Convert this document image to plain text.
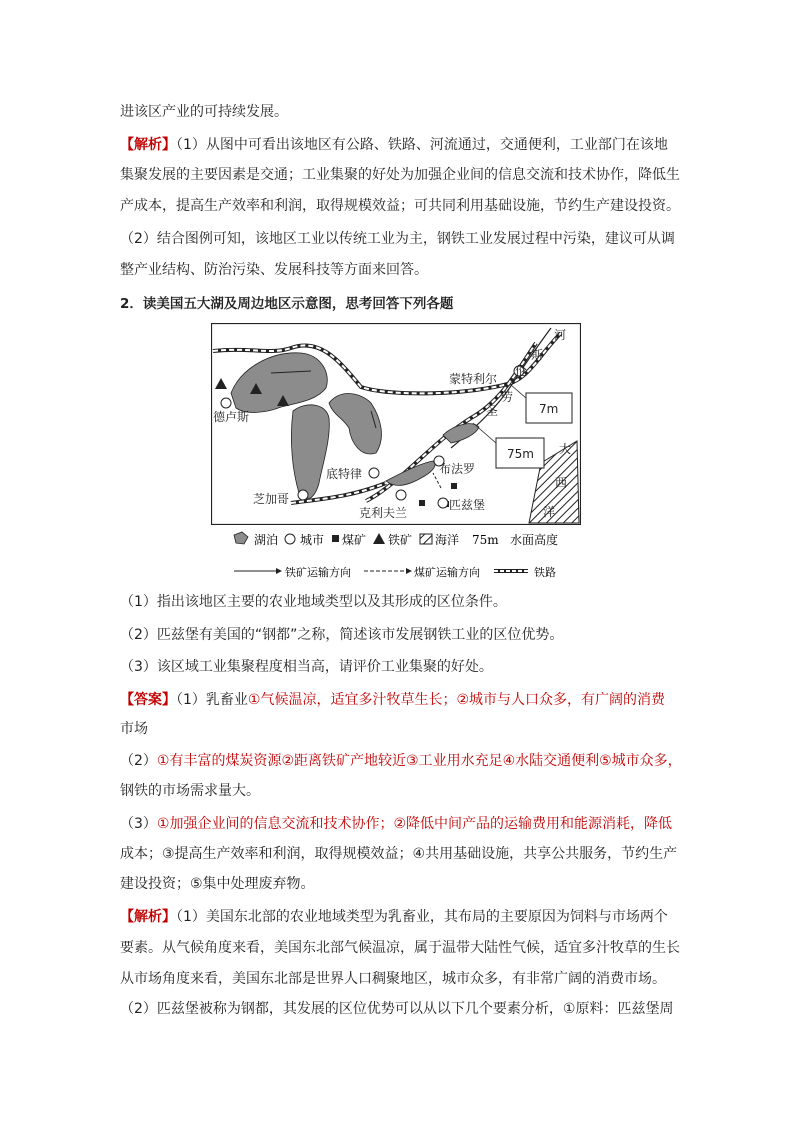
进该区产业的可持续发展。
【解析】（1）从图中可看出该地区有公路、铁路、河流通过，交通便利，工业部门在该地
集聚发展的主要因素是交通；工业集聚的好处为加强企业间的信息交流和技术协作，降低生
产成本，提高生产效率和利润，取得规模效益；可共同利用基础设施，节约生产建设投资。
（2）结合图例可知，该地区工业以传统工业为主，钢铁工业发展过程中污染，建议可从调
整产业结构、防治污染、发展科技等方面来回答。
2．读美国五大湖及周边地区示意图，思考回答下列各题
河
斯
伦
劳
圣
蒙特利尔
德卢斯
底特律	布法罗
芝加哥
克利夫兰
匹兹堡
大
西
洋
7m
75m
湖泊 城市 煤矿 铁矿 海洋 75m 水面高度
铁矿运输方向	煤矿运输方向	铁路
（1）指出该地区主要的农业地域类型以及其形成的区位条件。
（2）匹兹堡有美国的“钢都”之称，简述该市发展钢铁工业的区位优势。
（3）该区域工业集聚程度相当高，请评价工业集聚的好处。
【答案】（1）乳畜业①气候温凉，适宜多汁牧草生长；②城市与人口众多，有广阔的消费
市场
（2）①有丰富的煤炭资源②距离铁矿产地较近③工业用水充足④水陆交通便利⑤城市众多，
钢铁的市场需求量大。
（3）①加强企业间的信息交流和技术协作；②降低中间产品的运输费用和能源消耗，降低
成本；③提高生产效率和利润，取得规模效益；④共用基础设施，共享公共服务，节约生产
建设投资；⑤集中处理废弃物。
【解析】（1）美国东北部的农业地域类型为乳畜业，其布局的主要原因为饲料与市场两个
要素。从气候角度来看，美国东北部气候温凉，属于温带大陆性气候，适宜多汁牧草的生长
从市场角度来看，美国东北部是世界人口稠聚地区，城市众多，有非常广阔的消费市场。
（2）匹兹堡被称为钢都，其发展的区位优势可以从以下几个要素分析，①原料：匹兹堡周
